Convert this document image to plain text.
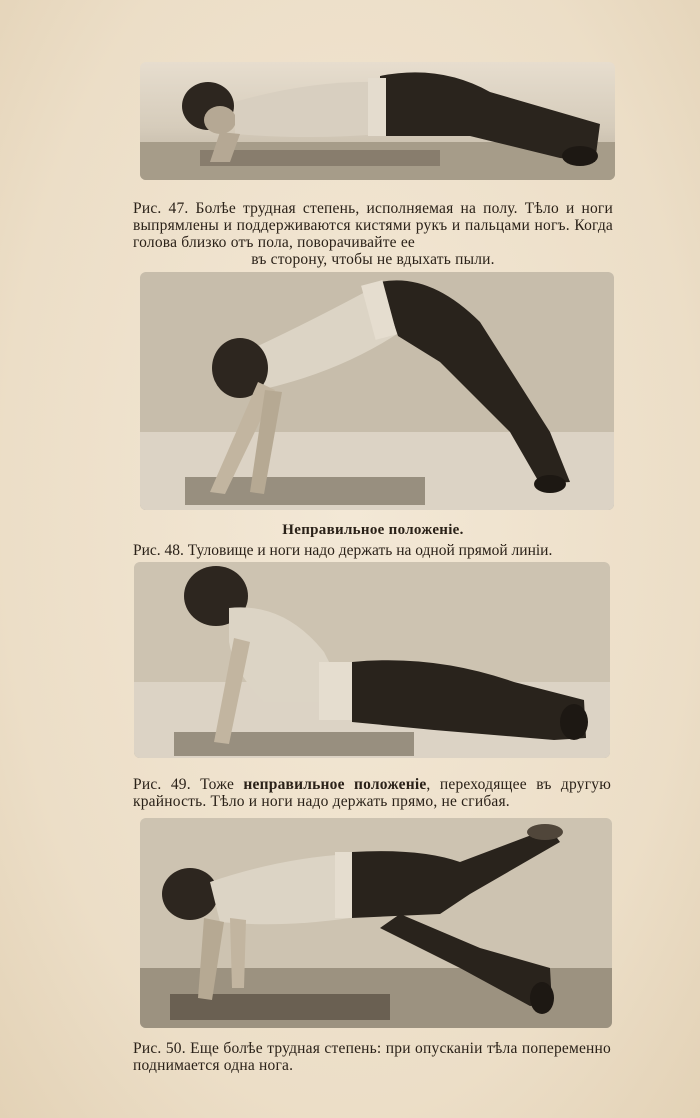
Рис. 47. Болѣе трудная степень, исполняемая на полу. Тѣло и ноги выпрямлены и поддерживаются кистями рукъ и пальцами ногъ. Когда голова близко отъ пола, поворачивайте ее
въ сторону, чтобы не вдыхать пыли.
Неправильное положеніе.
Рис. 48. Туловище и ноги надо держать на одной прямой линіи.
Рис. 49. Тоже неправильное положеніе, переходящее въ другую крайность. Тѣло и ноги надо держать прямо, не сгибая.
Рис. 50. Еще болѣе трудная степень: при опусканіи тѣла попеременно поднимается одна нога.
